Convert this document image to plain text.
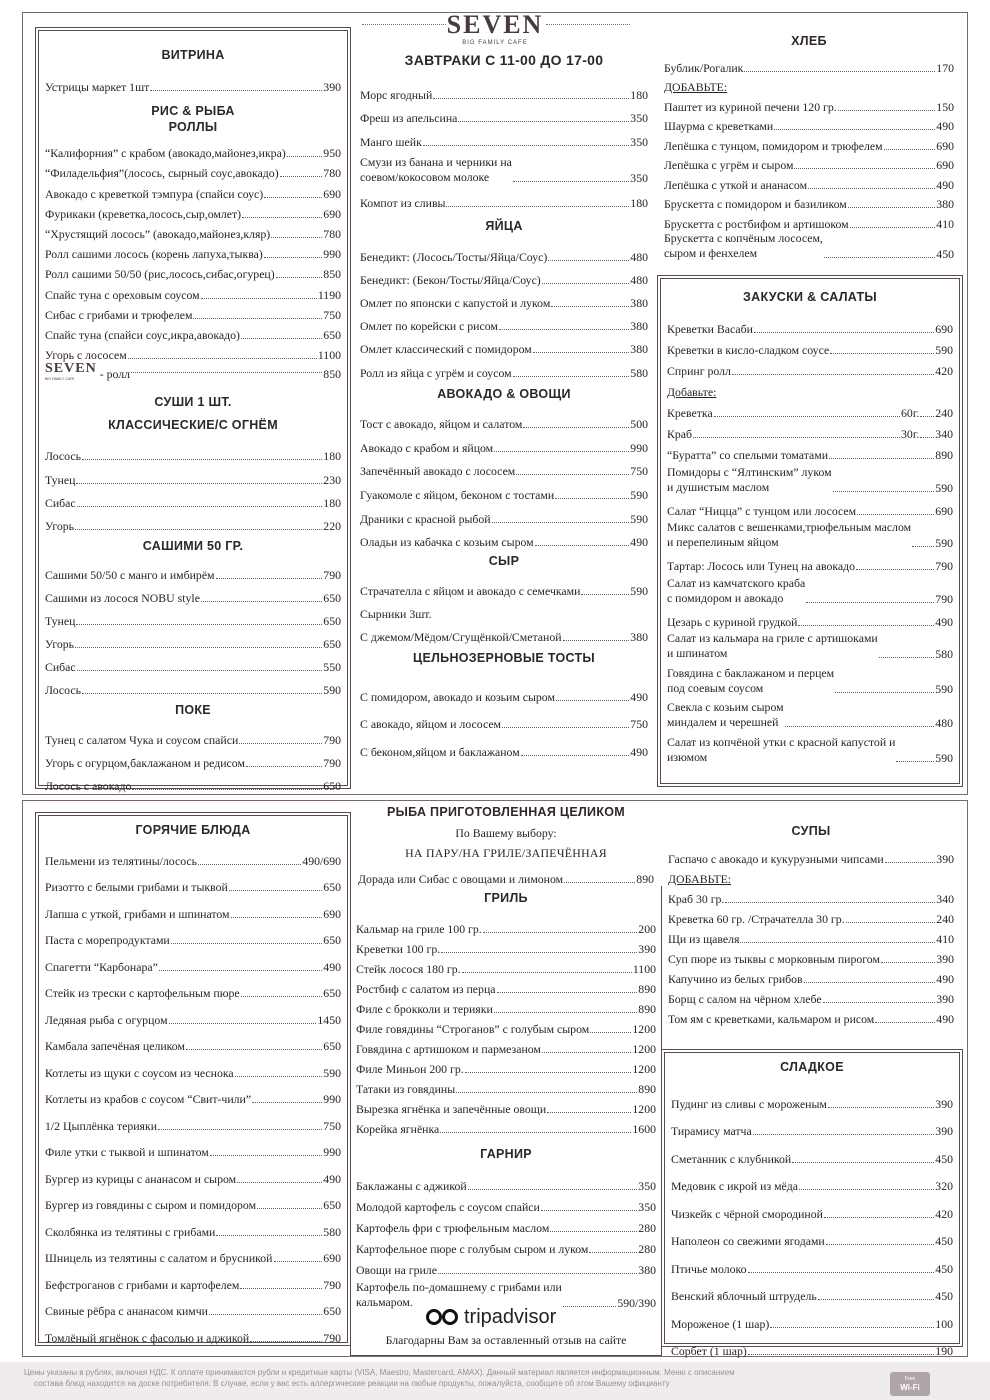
SEVEN
BIG FAMILY CAFE
ВИТРИНА
Устрицы маркет 1шт	390
РИС & РЫБА
РОЛЛЫ
“Калифорния” с крабом (авокадо,майонез,икра)	950
“Филадельфия”(лосось, сырный соус,авокадо)	780
Авокадо с креветкой тэмпура (спайси соус)	690
Фурикаки (креветка,лосось,сыр,омлет)	690
“Хрустящий лосось” (авокадо,майонез,кляр)	780
Ролл сашими лосось (корень лапуха,тыква)	990
Ролл сашими 50/50 (рис,лосось,сибас,огурец)	850
Спайс туна с ореховым соусом	1190
Сибас с грибами и трюфелем	750
Спайс туна (спайси соус,икра,авокадо)	650
Угорь с лососем	1100
SEVEN
BIG FAMILY CAFE	- ролл	850
СУШИ 1 ШТ.
КЛАССИЧЕСКИЕ/С ОГНЁМ
Лосось	180
Тунец	230
Сибас	180
Угорь	220
САШИМИ 50 ГР.
Сашими 50/50 с манго и имбирём	790
Сашими из лосося NOBU style	650
Тунец	650
Угорь	650
Сибас	550
Лосось	590
ПОКЕ
Тунец с салатом Чука и соусом спайси	790
Угорь с огурцом,баклажаном и редисом	790
Лосось с авокадо	650
ЗАВТРАКИ С 11-00 ДО 17-00
Морс ягодный	180
Фреш из апельсина	350
Манго шейк	350
Смузи из банана и черники на
соевом/кокосовом молоке	350
Компот из сливы	180
ЯЙЦА
Бенедикт: (Лосось/Тосты/Яйца/Соус)	480
Бенедикт: (Бекон/Тосты/Яйца/Соус)	480
Омлет по японски с капустой и луком	380
Омлет по корейски с рисом	380
Омлет классический с помидором	380
Ролл из яйца с угрём и соусом	580
АВОКАДО & ОВОЩИ
Тост с авокадо, яйцом и салатом	500
Авокадо с крабом и яйцом	990
Запечённый авокадо с лососем	750
Гуакомоле с яйцом, беконом с тостами	590
Драники с красной рыбой	590
Оладьи из кабачка с козьим сыром	490
СЫР
Страчателла с яйцом и авокадо с семечками	590
Сырники 3шт.
С джемом/Мёдом/Сгущёнкой/Сметаной	380
ЦЕЛЬНОЗЕРНОВЫЕ ТОСТЫ
С помидором, авокадо и козьим сыром	490
С авокадо, яйцом и лососем	750
С беконом,яйцом и баклажаном	490
ХЛЕБ
Бублик/Рогалик	170
ДОБАВЬТЕ:
Паштет из куриной печени 120 гр.	150
Шаурма с креветками	490
Лепёшка с тунцом, помидором и трюфелем	690
Лепёшка с угрём и сыром	690
Лепёшка с уткой и ананасом	490
Брускетта с помидором и базиликом	380
Брускетта с ростбифом и артишоком	410
Брускетта с копчёным лососем,
сыром и фенхелем	450
ЗАКУСКИ & САЛАТЫ
Креветки Васаби	690
Креветки в кисло-сладком соусе	590
Спринг ролл	420
Добавьте:
Креветка	60г. 240
Краб	30г. 340
“Буратта” со спелыми томатами	890
Помидоры с “Ялтинским” луком
и душистым маслом	590
Салат “Ницца” с тунцом или лососем	690
Микс салатов с вешенками,трюфельным маслом
и перепелиным яйцом	590
Тартар: Лосось или Тунец на авокадо	790
Салат из камчатского краба
с помидором и авокадо	790
Цезарь с куриной грудкой	490
Салат из кальмара на гриле с артишоками
и шпинатом	580
Говядина с баклажаном и перцем
под соевым соусом	590
Свекла с козьим сыром
миндалем и черешней	480
Салат из копчёной утки с красной капустой и
изюмом	590
ГОРЯЧИЕ БЛЮДА
Пельмени из телятины/лосось	490/690
Ризотто с белыми грибами и тыквой	650
Лапша с уткой, грибами и шпинатом	690
Паста с морепродуктами	650
Спагетти “Карбонара”	490
Стейк из трески с картофельным пюре	650
Ледяная рыба с огурцом	1450
Камбала запечёная целиком	650
Котлеты из щуки с соусом из чеснока	590
Котлеты из крабов с соусом “Свит-чили”	990
1/2 Цыплёнка терияки	750
Филе утки с тыквой и шпинатом	990
Бургер из курицы с ананасом и сыром	490
Бургер из говядины с сыром и помидором	650
Сколбянка из телятины с грибами	580
Шницель из телятины с салатом и брусникой	690
Бефстроганов с грибами и картофелем	790
Свиные рёбра с ананасом кимчи	650
Томлёный ягнёнок с фасолью и аджикой	790
РЫБА ПРИГОТОВЛЕННАЯ ЦЕЛИКОМ
По Вашему выбору:
НА ПАРУ/НА ГРИЛЕ/ЗАПЕЧЁННАЯ
Дорада или Сибас с овощами и лимоном	890
ГРИЛЬ
Кальмар на гриле 100 гр.	200
Креветки 100 гр.	390
Стейк лосося 180 гр.	1100
Ростбиф с салатом из перца	890
Филе с брокколи и терияки	890
Филе говядины “Строганов” с голубым сыром	1200
Говядина с артишоком и пармезаном	1200
Филе Миньон 200 гр.	1200
Татаки из говядины	890
Вырезка ягнёнка и запечённые овощи	1200
Корейка ягнёнка	1600
ГАРНИР
Баклажаны с аджикой	350
Молодой картофель с соусом спайси	350
Картофель фри с трюфельным маслом	280
Картофельное пюре с голубым сыром и луком	280
Овощи на гриле	380
Картофель по-домашнему с грибами или
кальмаром.	590/390
tripadvisor
Благодарны Вам за оставленный отзыв на сайте
СУПЫ
Гаспачо с авокадо и кукурузными чипсами	390
ДОБАВЬТЕ:
Краб 30 гр.	340
Креветка 60 гр. /Страчателла 30 гр.	240
Щи из щавеля	410
Суп пюре из тыквы с морковным пирогом	390
Капучино из белых грибов	490
Борщ с салом на чёрном хлебе	390
Том ям с креветками, кальмаром и рисом	490
СЛАДКОЕ
Пудинг из сливы с мороженым	390
Тирамису матча	390
Сметанник с клубникой	450
Медовик с икрой из мёда	320
Чизкейк с чёрной смородиной	420
Наполеон со свежими ягодами	450
Птичье молоко	450
Венский яблочный штрудель	450
Мороженое (1 шар)	100
Сорбет (1 шар)	190
Цены указаны в рублях, включая НДС. К оплате принимаются рубли и кредитные карты (VISA, Maestro, Mastercard, AMAX). Данный материал является информационным. Меню с описанием
состава блюд находится на доске потребителя. В случае, если у вас есть аллергические реакции на любые продукты, пожалуйста, сообщите об этом Вашему официанту	Free
Wi-Fi
